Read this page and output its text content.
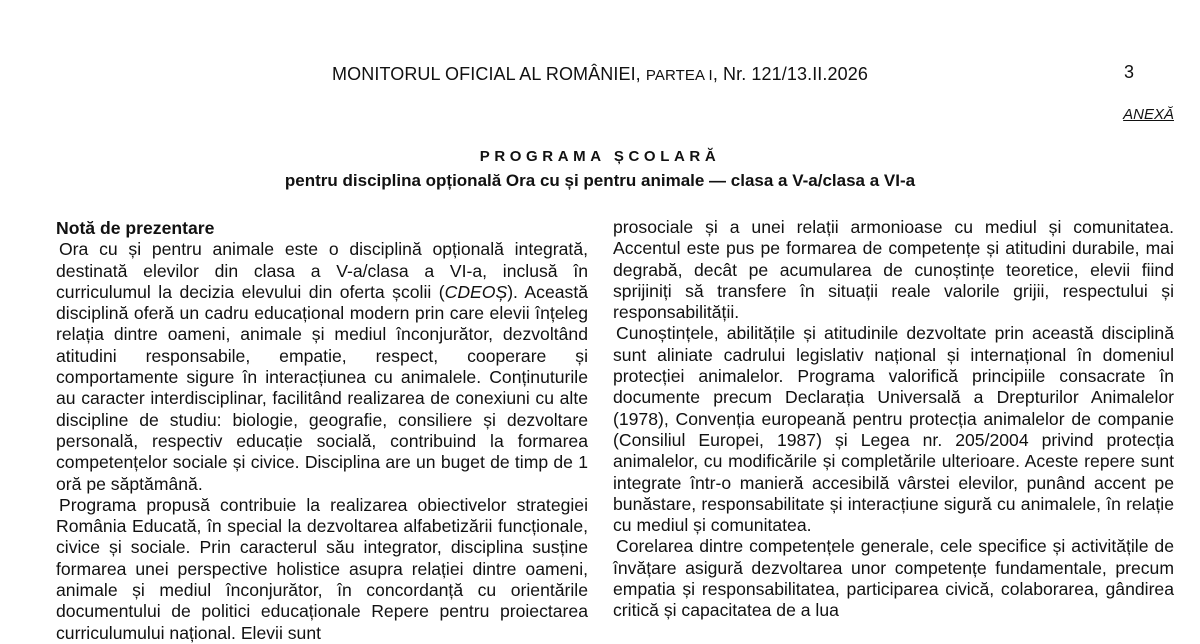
MONITORUL OFICIAL AL ROMÂNIEI, PARTEA I, Nr. 121/13.II.2026	3
ANEXĂ
PROGRAMA ȘCOLARĂ
pentru disciplina opțională Ora cu și pentru animale — clasa a V-a/clasa a VI-a

Notă de prezentare

Ora cu și pentru animale este o disciplină opțională integrată, destinată elevilor din clasa a V-a/clasa a VI-a, inclusă în curriculumul la decizia elevului din oferta școlii (CDEOȘ). Această disciplină oferă un cadru educațional modern prin care elevii înțeleg relația dintre oameni, animale și mediul înconjurător, dezvoltând atitudini responsabile, empatie, respect, cooperare și comportamente sigure în interacțiunea cu animalele. Conținuturile au caracter interdisciplinar, facilitând realizarea de conexiuni cu alte discipline de studiu: biologie, geografie, consiliere și dezvoltare personală, respectiv educație socială, contribuind la formarea competențelor sociale și civice. Disciplina are un buget de timp de 1 oră pe săptămână.

Programa propusă contribuie la realizarea obiectivelor strategiei România Educată, în special la dezvoltarea alfabetizării funcționale, civice și sociale. Prin caracterul său integrator, disciplina susține formarea unei perspective holistice asupra relației dintre oameni, animale și mediul înconjurător, în concordanță cu orientările documentului de politici educaționale Repere pentru proiectarea curriculumului național. Elevii sunt

prosociale și a unei relații armonioase cu mediul și comunitatea. Accentul este pus pe formarea de competențe și atitudini durabile, mai degrabă, decât pe acumularea de cunoștințe teoretice, elevii fiind sprijiniți să transfere în situații reale valorile grijii, respectului și responsabilității.

Cunoștințele, abilitățile și atitudinile dezvoltate prin această disciplină sunt aliniate cadrului legislativ național și internațional în domeniul protecției animalelor. Programa valorifică principiile consacrate în documente precum Declarația Universală a Drepturilor Animalelor (1978), Convenția europeană pentru protecția animalelor de companie (Consiliul Europei, 1987) și Legea nr. 205/2004 privind protecția animalelor, cu modificările și completările ulterioare. Aceste repere sunt integrate într-o manieră accesibilă vârstei elevilor, punând accent pe bunăstare, responsabilitate și interacțiune sigură cu animalele, în relație cu mediul și comunitatea.

Corelarea dintre competențele generale, cele specifice și activitățile de învățare asigură dezvoltarea unor competențe fundamentale, precum empatia și responsabilitatea, participarea civică, colaborarea, gândirea critică și capacitatea de a lua
